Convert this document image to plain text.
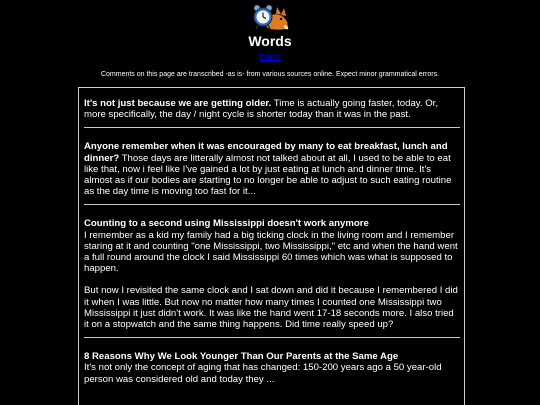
Words
Home
Comments on this page are transcribed -as is- from various sources online. Expect minor grammatical errors.

It's not just because we are getting older. Time is actually going faster, today. Or, more specifically, the day / night cycle is shorter today than it was in the past.

Anyone remember when it was encouraged by many to eat breakfast, lunch and dinner? Those days are litterally almost not talked about at all, I used to be able to eat like that, now i feel like I've gained a lot by just eating at lunch and dinner time. It's almost as if our bodies are starting to no longer be able to adjust to such eating routine as the day time is moving too fast for it...

Counting to a second using Mississippi doesn't work anymore
I remember as a kid my family had a big ticking clock in the living room and I remember staring at it and counting "one Mississippi, two Mississippi," etc and when the hand went a full round around the clock I said Mississippi 60 times which was what is supposed to happen.

But now I revisited the same clock and I sat down and did it because I remembered I did it when I was little. But now no matter how many times I counted one Mississippi two Mississippi it just didn't work. It was like the hand went 17-18 seconds more. I also tried it on a stopwatch and the same thing happens. Did time really speed up?

8 Reasons Why We Look Younger Than Our Parents at the Same Age
It's not only the concept of aging that has changed: 150-200 years ago a 50 year-old person was considered old and today they ...
